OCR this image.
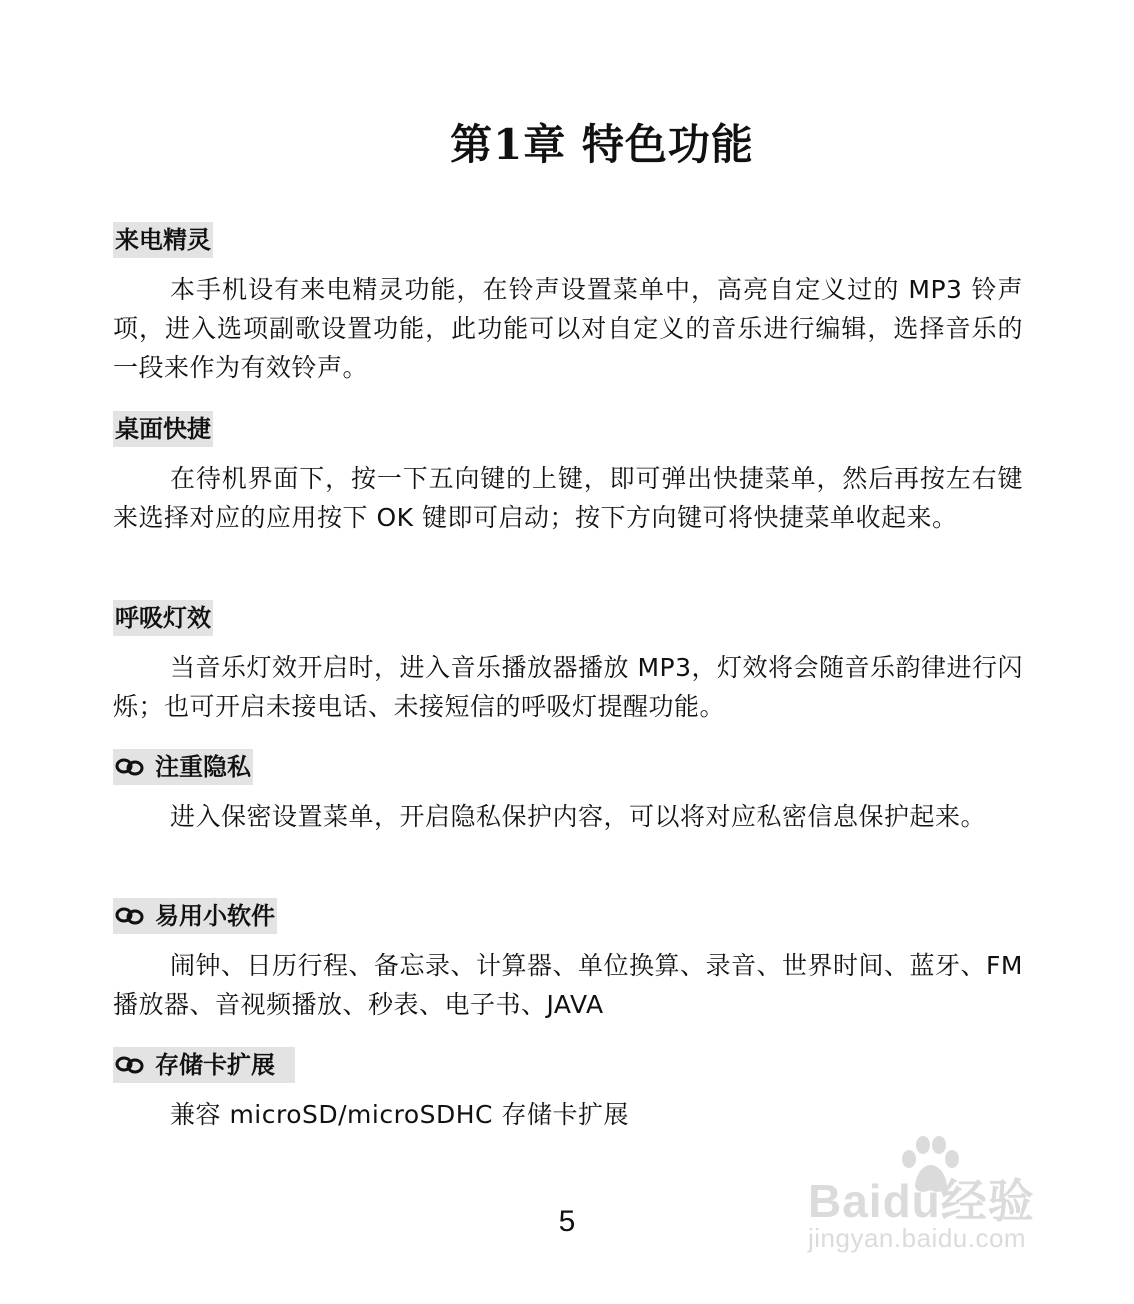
第1章 特色功能
来电精灵

本手机设有来电精灵功能，在铃声设置菜单中，高亮自定义过的 MP3 铃声项，进入选项副歌设置功能，此功能可以对自定义的音乐进行编辑，选择音乐的一段来作为有效铃声。

桌面快捷

在待机界面下，按一下五向键的上键，即可弹出快捷菜单，然后再按左右键来选择对应的应用按下 OK 键即可启动；按下方向键可将快捷菜单收起来。

呼吸灯效

当音乐灯效开启时，进入音乐播放器播放 MP3，灯效将会随音乐韵律进行闪烁；也可开启未接电话、未接短信的呼吸灯提醒功能。

注重隐私

进入保密设置菜单，开启隐私保护内容，可以将对应私密信息保护起来。

易用小软件

闹钟、日历行程、备忘录、计算器、单位换算、录音、世界时间、蓝牙、FM 播放器、音视频播放、秒表、电子书、JAVA

存储卡扩展

兼容 microSD/microSDHC 存储卡扩展

5	Baidu经验
jingyan.baidu.com
